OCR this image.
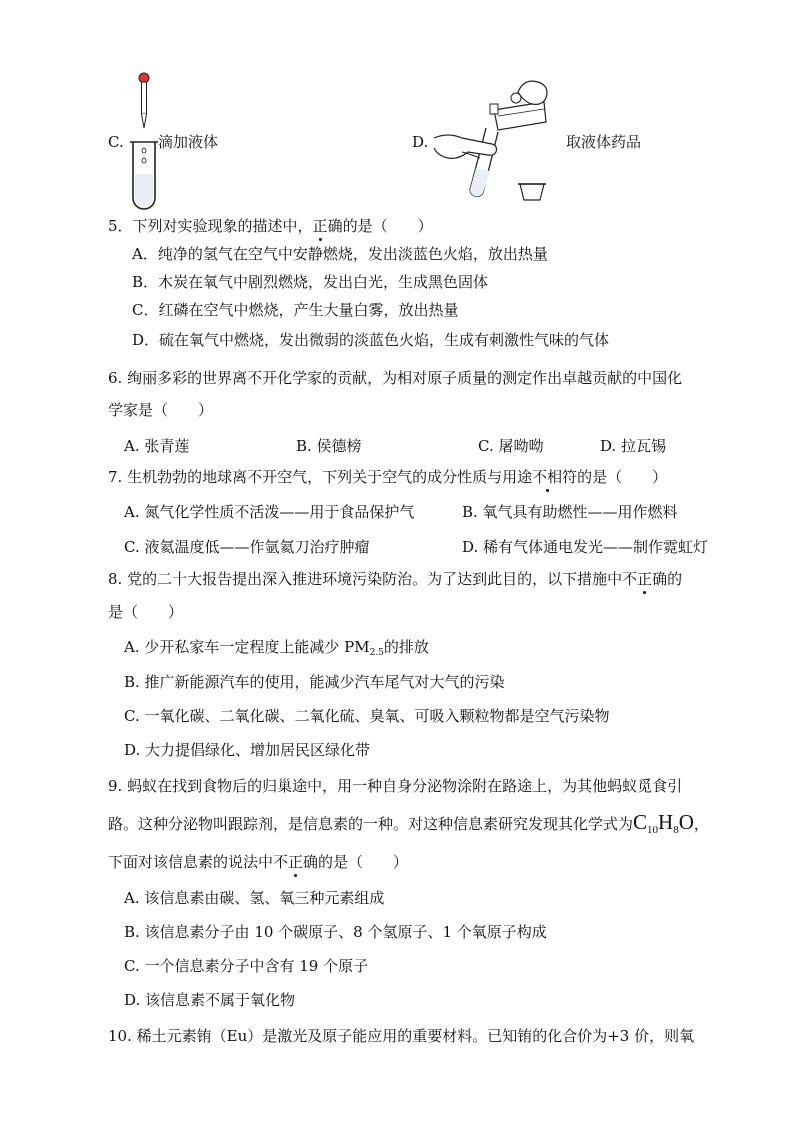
C. 滴加液体	D.	取液体药品
5．下列对实验现象的描述中，正确的是（　　）
A．纯净的氢气在空气中安静燃烧，发出淡蓝色火焰，放出热量
B．木炭在氧气中剧烈燃烧，发出白光，生成黑色固体
C．红磷在空气中燃烧，产生大量白雾，放出热量
D．硫在氧气中燃烧，发出微弱的淡蓝色火焰，生成有刺激性气味的气体
6. 绚丽多彩的世界离不开化学家的贡献，为相对原子质量的测定作出卓越贡献的中国化
学家是（　　）
A. 张青莲	B. 侯德榜	C. 屠呦呦	D. 拉瓦锡
7. 生机勃勃的地球离不开空气，下列关于空气的成分性质与用途不相符的是（　　）
A. 氮气化学性质不活泼——用于食品保护气	B. 氧气具有助燃性——用作燃料
C. 液氦温度低——作氩氦刀治疗肿瘤	D. 稀有气体通电发光——制作霓虹灯
8. 党的二十大报告提出深入推进环境污染防治。为了达到此目的，以下措施中不正确的
是（　　）
A. 少开私家车一定程度上能减少 $PM_{2.5}$的排放
B. 推广新能源汽车的使用，能减少汽车尾气对大气的污染
C. 一氧化碳、二氧化碳、二氧化硫、臭氧、可吸入颗粒物都是空气污染物
D. 大力提倡绿化、增加居民区绿化带
9. 蚂蚁在找到食物后的归巢途中，用一种自身分泌物涂附在路途上，为其他蚂蚁觅食引
路。这种分泌物叫跟踪剂，是信息素的一种。对这种信息素研究发现其化学式为$C_{10}H_8O$，
下面对该信息素的说法中不正确的是（　　）
A. 该信息素由碳、氢、氧三种元素组成
B. 该信息素分子由 10 个碳原子、8 个氢原子、1 个氧原子构成
C. 一个信息素分子中含有 19 个原子
D. 该信息素不属于氧化物
10. 稀土元素铕（Eu）是激光及原子能应用的重要材料。已知铕的化合价为+3 价，则氧
